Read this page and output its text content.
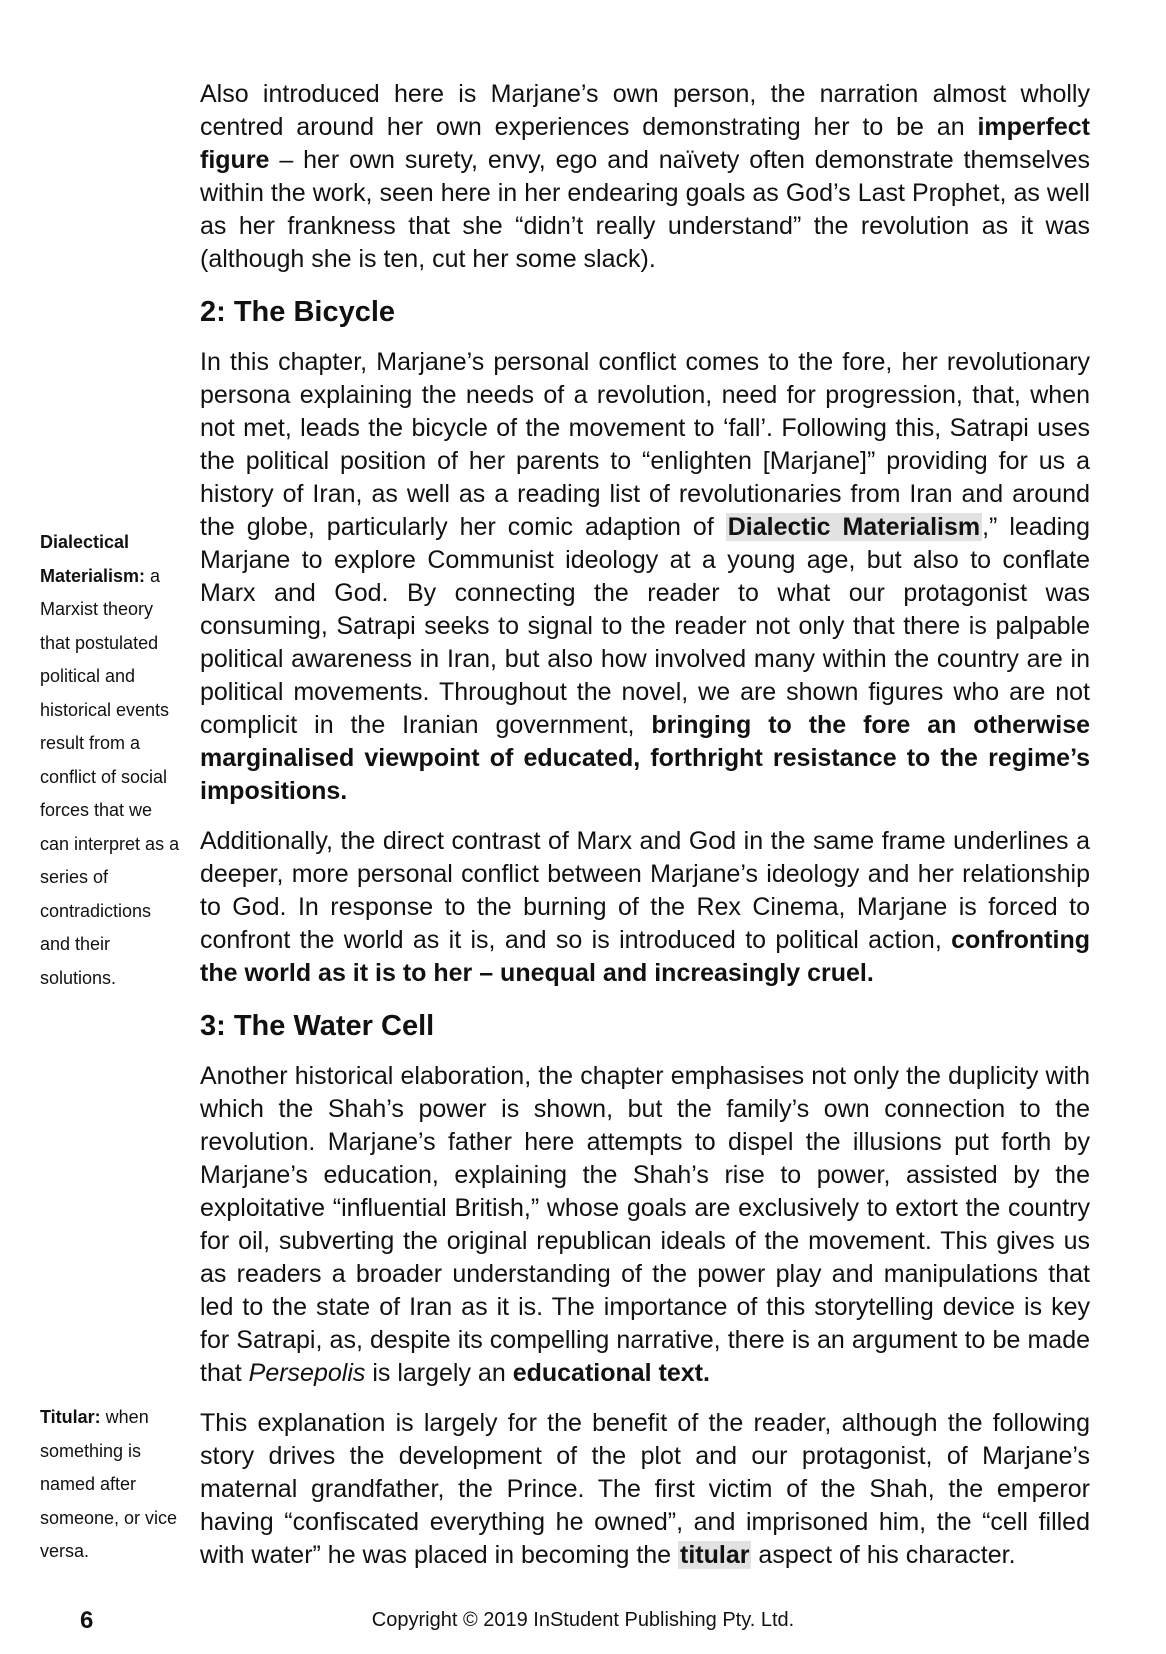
Also introduced here is Marjane’s own person, the narration almost wholly centred around her own experiences demonstrating her to be an imperfect figure – her own surety, envy, ego and naïvety often demonstrate themselves within the work, seen here in her endearing goals as God’s Last Prophet, as well as her frankness that she “didn’t really understand” the revolution as it was (although she is ten, cut her some slack).

2: The Bicycle

In this chapter, Marjane’s personal conflict comes to the fore, her revolutionary persona explaining the needs of a revolution, need for progression, that, when not met, leads the bicycle of the movement to ‘fall’. Following this, Satrapi uses the political position of her parents to “enlighten [Marjane]” providing for us a history of Iran, as well as a reading list of revolutionaries from Iran and around the globe, particularly her comic adaption of Dialectic Materialism,” leading Marjane to explore Communist ideology at a young age, but also to conflate Marx and God. By connecting the reader to what our protagonist was consuming, Satrapi seeks to signal to the reader not only that there is palpable political awareness in Iran, but also how involved many within the country are in political movements. Throughout the novel, we are shown figures who are not complicit in the Iranian government, bringing to the fore an otherwise marginalised viewpoint of educated, forthright resistance to the regime’s impositions.

Additionally, the direct contrast of Marx and God in the same frame underlines a deeper, more personal conflict between Marjane’s ideology and her relationship to God. In response to the burning of the Rex Cinema, Marjane is forced to confront the world as it is, and so is introduced to political action, confronting the world as it is to her – unequal and increasingly cruel.

3: The Water Cell

Another historical elaboration, the chapter emphasises not only the duplicity with which the Shah’s power is shown, but the family’s own connection to the revolution. Marjane’s father here attempts to dispel the illusions put forth by Marjane’s education, explaining the Shah’s rise to power, assisted by the exploitative “influential British,” whose goals are exclusively to extort the country for oil, subverting the original republican ideals of the movement. This gives us as readers a broader understanding of the power play and manipulations that led to the state of Iran as it is. The importance of this storytelling device is key for Satrapi, as, despite its compelling narrative, there is an argument to be made that Persepolis is largely an educational text.

This explanation is largely for the benefit of the reader, although the following story drives the development of the plot and our protagonist, of Marjane’s maternal grandfather, the Prince. The first victim of the Shah, the emperor having “confiscated everything he owned”, and imprisoned him, the “cell filled with water” he was placed in becoming the titular aspect of his character.

Dialectical Materialism: a Marxist theory that postulated political and historical events result from a conflict of social forces that we can interpret as a series of contradictions and their solutions.
Titular: when something is named after someone, or vice versa.
6	Copyright © 2019 InStudent Publishing Pty. Ltd.
